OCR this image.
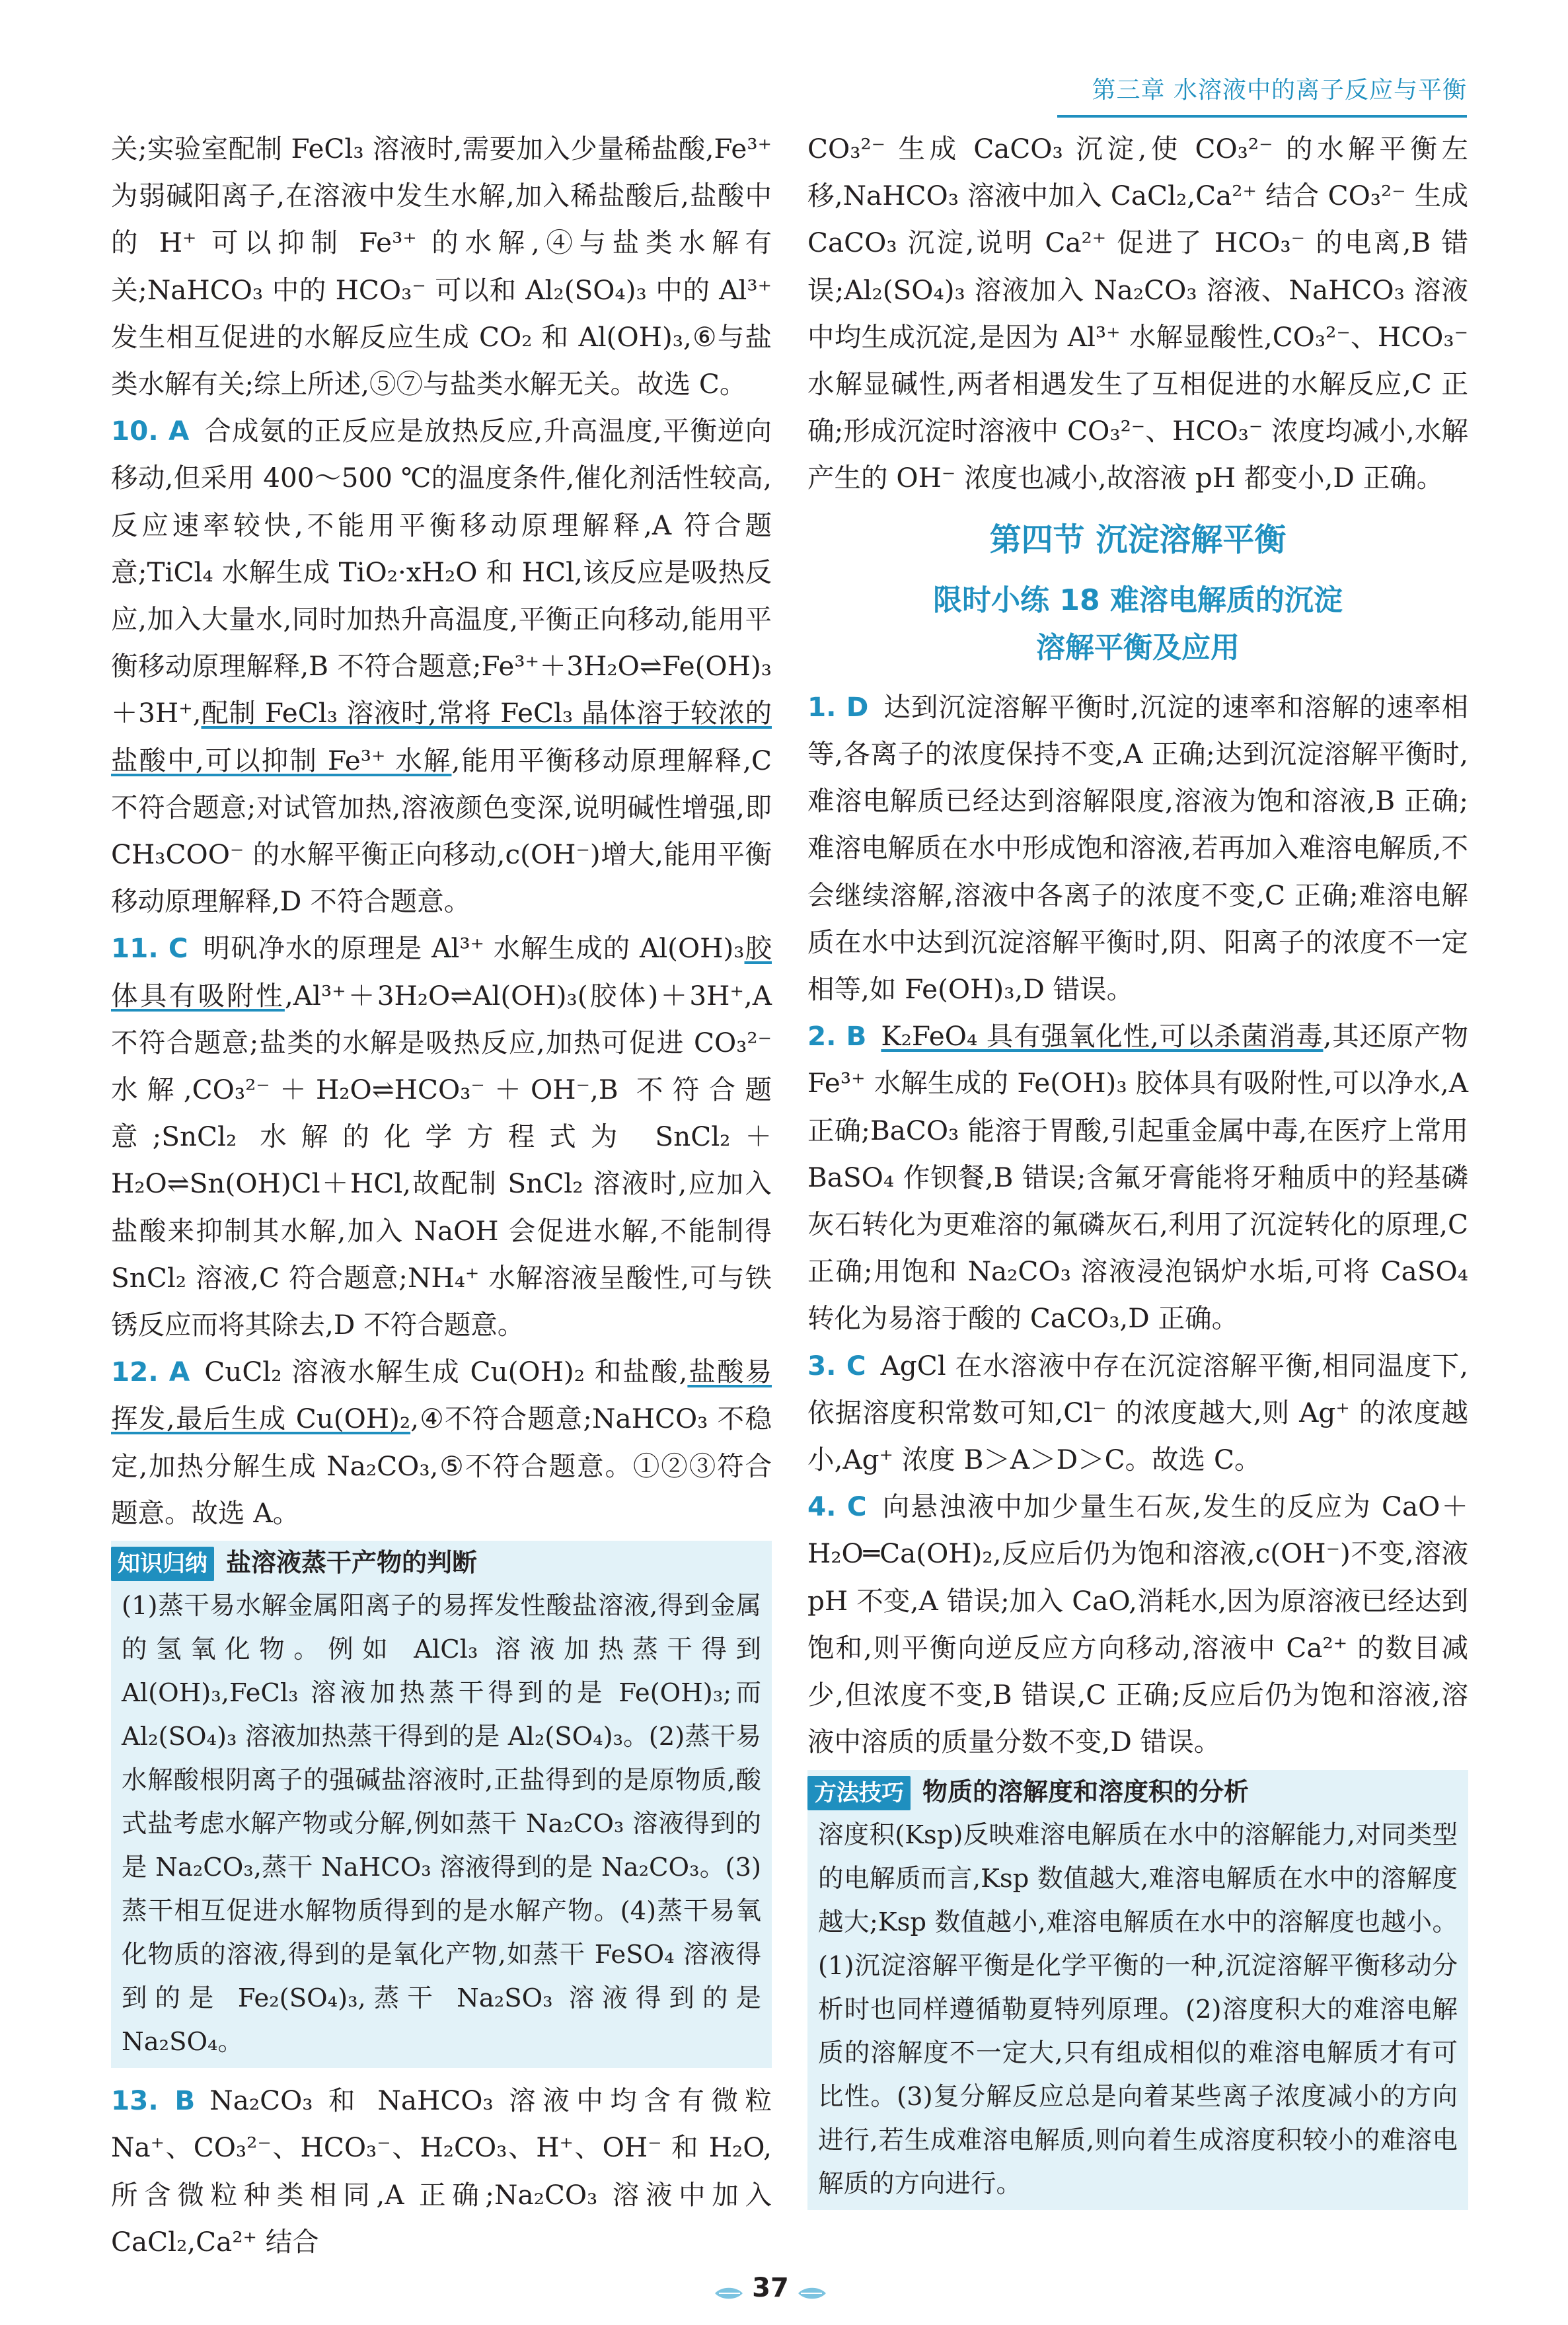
第三章 水溶液中的离子反应与平衡

关;实验室配制 FeCl₃ 溶液时,需要加入少量稀盐酸,Fe³⁺为弱碱阳离子,在溶液中发生水解,加入稀盐酸后,盐酸中的 H⁺ 可以抑制 Fe³⁺ 的水解,④与盐类水解有关;NaHCO₃ 中的 HCO₃⁻ 可以和 Al₂(SO₄)₃ 中的 Al³⁺ 发生相互促进的水解反应生成 CO₂ 和 Al(OH)₃,⑥与盐类水解有关;综上所述,⑤⑦与盐类水解无关。故选 C。

10. A 合成氨的正反应是放热反应,升高温度,平衡逆向移动,但采用 400～500 ℃的温度条件,催化剂活性较高,反应速率较快,不能用平衡移动原理解释,A 符合题意;TiCl₄ 水解生成 TiO₂·xH₂O 和 HCl,该反应是吸热反应,加入大量水,同时加热升高温度,平衡正向移动,能用平衡移动原理解释,B 不符合题意;Fe³⁺＋3H₂O⇌Fe(OH)₃＋3H⁺,配制 FeCl₃ 溶液时,常将 FeCl₃ 晶体溶于较浓的盐酸中,可以抑制 Fe³⁺ 水解,能用平衡移动原理解释,C 不符合题意;对试管加热,溶液颜色变深,说明碱性增强,即 CH₃COO⁻ 的水解平衡正向移动,c(OH⁻)增大,能用平衡移动原理解释,D 不符合题意。

11. C 明矾净水的原理是 Al³⁺ 水解生成的 Al(OH)₃胶体具有吸附性,Al³⁺＋3H₂O⇌Al(OH)₃(胶体)＋3H⁺,A 不符合题意;盐类的水解是吸热反应,加热可促进 CO₃²⁻ 水解,CO₃²⁻＋H₂O⇌HCO₃⁻＋OH⁻,B 不符合题意;SnCl₂ 水解的化学方程式为 SnCl₂＋H₂O⇌Sn(OH)Cl＋HCl,故配制 SnCl₂ 溶液时,应加入盐酸来抑制其水解,加入 NaOH 会促进水解,不能制得 SnCl₂ 溶液,C 符合题意;NH₄⁺ 水解溶液呈酸性,可与铁锈反应而将其除去,D 不符合题意。

12. A CuCl₂ 溶液水解生成 Cu(OH)₂ 和盐酸,盐酸易挥发,最后生成 Cu(OH)₂,④不符合题意;NaHCO₃ 不稳定,加热分解生成 Na₂CO₃,⑤不符合题意。①②③符合题意。故选 A。

知识归纳 盐溶液蒸干产物的判断
(1)蒸干易水解金属阳离子的易挥发性酸盐溶液,得到金属的氢氧化物。例如 AlCl₃ 溶液加热蒸干得到 Al(OH)₃,FeCl₃ 溶液加热蒸干得到的是 Fe(OH)₃;而 Al₂(SO₄)₃ 溶液加热蒸干得到的是 Al₂(SO₄)₃。(2)蒸干易水解酸根阴离子的强碱盐溶液时,正盐得到的是原物质,酸式盐考虑水解产物或分解,例如蒸干 Na₂CO₃ 溶液得到的是 Na₂CO₃,蒸干 NaHCO₃ 溶液得到的是 Na₂CO₃。(3)蒸干相互促进水解物质得到的是水解产物。(4)蒸干易氧化物质的溶液,得到的是氧化产物,如蒸干 FeSO₄ 溶液得到的是 Fe₂(SO₄)₃,蒸干 Na₂SO₃ 溶液得到的是 Na₂SO₄。

13. B Na₂CO₃ 和 NaHCO₃ 溶液中均含有微粒 Na⁺、CO₃²⁻、HCO₃⁻、H₂CO₃、H⁺、OH⁻ 和 H₂O,所含微粒种类相同,A 正确;Na₂CO₃ 溶液中加入 CaCl₂,Ca²⁺ 结合

CO₃²⁻ 生成 CaCO₃ 沉淀,使 CO₃²⁻ 的水解平衡左移,NaHCO₃ 溶液中加入 CaCl₂,Ca²⁺ 结合 CO₃²⁻ 生成 CaCO₃ 沉淀,说明 Ca²⁺ 促进了 HCO₃⁻ 的电离,B 错误;Al₂(SO₄)₃ 溶液加入 Na₂CO₃ 溶液、NaHCO₃ 溶液中均生成沉淀,是因为 Al³⁺ 水解显酸性,CO₃²⁻、HCO₃⁻ 水解显碱性,两者相遇发生了互相促进的水解反应,C 正确;形成沉淀时溶液中 CO₃²⁻、HCO₃⁻ 浓度均减小,水解产生的 OH⁻ 浓度也减小,故溶液 pH 都变小,D 正确。

第四节 沉淀溶解平衡
限时小练 18 难溶电解质的沉淀
溶解平衡及应用

1. D 达到沉淀溶解平衡时,沉淀的速率和溶解的速率相等,各离子的浓度保持不变,A 正确;达到沉淀溶解平衡时,难溶电解质已经达到溶解限度,溶液为饱和溶液,B 正确;难溶电解质在水中形成饱和溶液,若再加入难溶电解质,不会继续溶解,溶液中各离子的浓度不变,C 正确;难溶电解质在水中达到沉淀溶解平衡时,阴、阳离子的浓度不一定相等,如 Fe(OH)₃,D 错误。

2. B K₂FeO₄ 具有强氧化性,可以杀菌消毒,其还原产物 Fe³⁺ 水解生成的 Fe(OH)₃ 胶体具有吸附性,可以净水,A 正确;BaCO₃ 能溶于胃酸,引起重金属中毒,在医疗上常用 BaSO₄ 作钡餐,B 错误;含氟牙膏能将牙釉质中的羟基磷灰石转化为更难溶的氟磷灰石,利用了沉淀转化的原理,C 正确;用饱和 Na₂CO₃ 溶液浸泡锅炉水垢,可将 CaSO₄ 转化为易溶于酸的 CaCO₃,D 正确。

3. C AgCl 在水溶液中存在沉淀溶解平衡,相同温度下,依据溶度积常数可知,Cl⁻ 的浓度越大,则 Ag⁺ 的浓度越小,Ag⁺ 浓度 B＞A＞D＞C。故选 C。

4. C 向悬浊液中加少量生石灰,发生的反应为 CaO＋H₂O═Ca(OH)₂,反应后仍为饱和溶液,c(OH⁻)不变,溶液 pH 不变,A 错误;加入 CaO,消耗水,因为原溶液已经达到饱和,则平衡向逆反应方向移动,溶液中 Ca²⁺ 的数目减少,但浓度不变,B 错误,C 正确;反应后仍为饱和溶液,溶液中溶质的质量分数不变,D 错误。

方法技巧 物质的溶解度和溶度积的分析
溶度积(Ksp)反映难溶电解质在水中的溶解能力,对同类型的电解质而言,Ksp 数值越大,难溶电解质在水中的溶解度越大;Ksp 数值越小,难溶电解质在水中的溶解度也越小。(1)沉淀溶解平衡是化学平衡的一种,沉淀溶解平衡移动分析时也同样遵循勒夏特列原理。(2)溶度积大的难溶电解质的溶解度不一定大,只有组成相似的难溶电解质才有可比性。(3)复分解反应总是向着某些离子浓度减小的方向进行,若生成难溶电解质,则向着生成溶度积较小的难溶电解质的方向进行。
37
